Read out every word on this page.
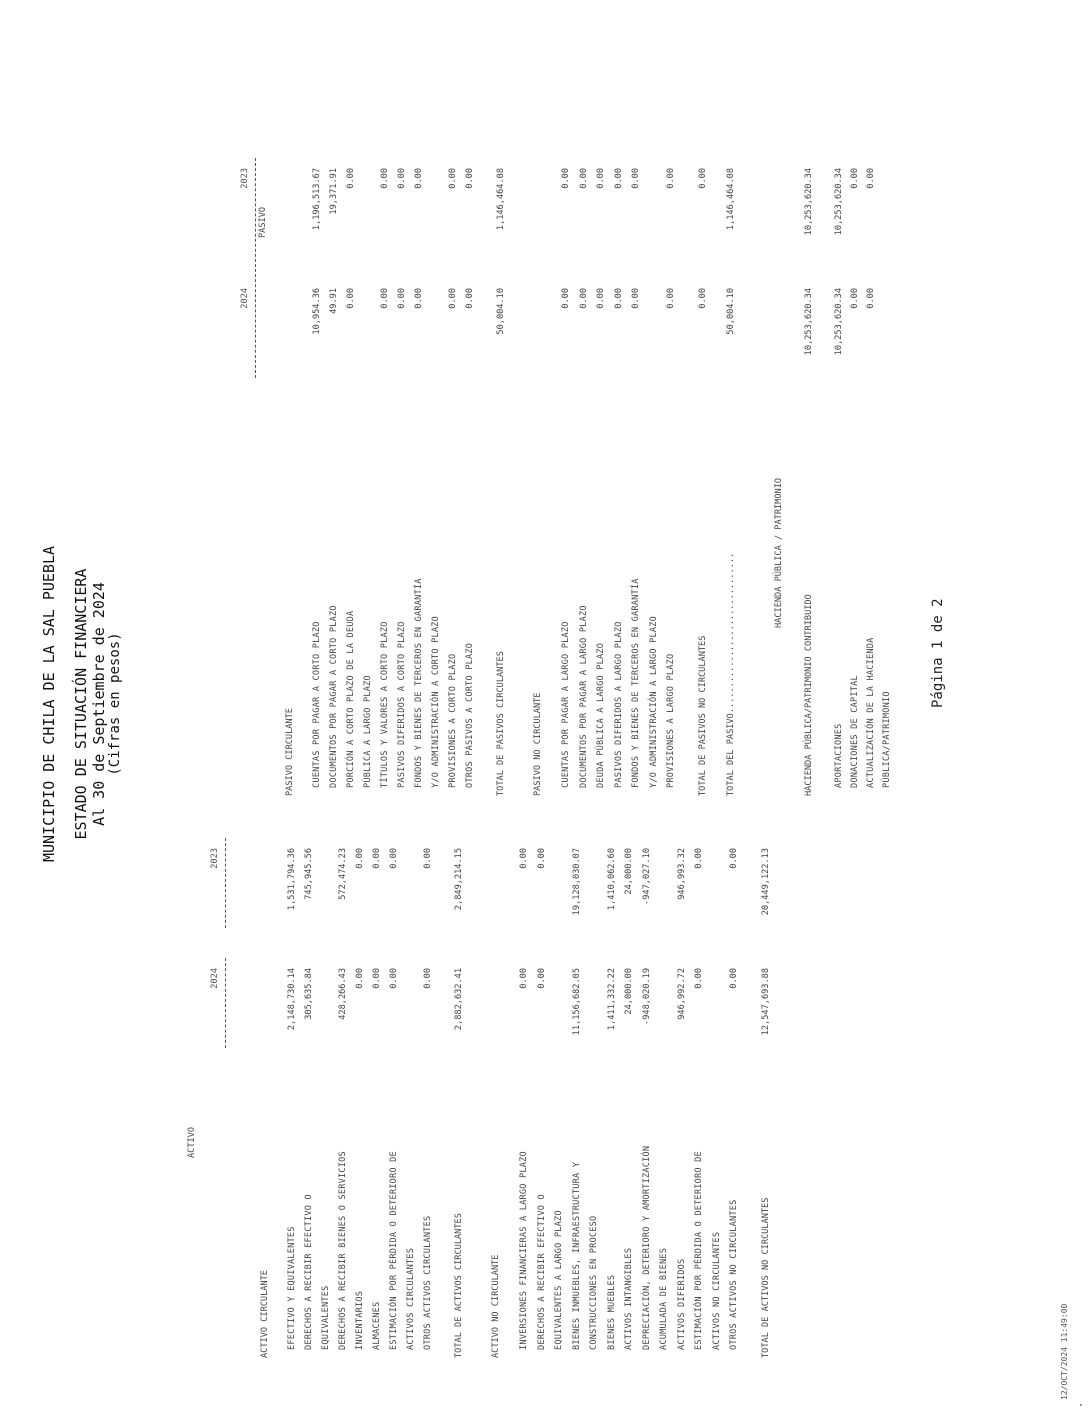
MUNICIPIO DE CHILA DE LA SAL PUEBLA ESTADO DE SITUACIÓN FINANCIERA Al 30 de Septiembre de 2024 (Cifras en pesos)
ACTIVO
2024
2023
ACTIVO CIRCULANTE EFECTIVO Y EQUIVALENTES
2,148,730.14
1,531,794.36
DERECHOS A RECIBIR EFECTIVO O
305,635.84
745,945.56
EQUIVALENTES DERECHOS A RECIBIR BIENES O SERVICIOS
428,266.43
572,474.23
INVENTARIOS
0.00
0.00
ALMACENES
0.00
0.00
ESTIMACIÓN POR PÉRDIDA O DETERIORO DE
0.00
0.00
ACTIVOS CIRCULANTES OTROS ACTIVOS CIRCULANTES
0.00
0.00
TOTAL DE ACTIVOS CIRCULANTES
2,882,632.41
2,849,214.15
ACTIVO NO CIRCULANTE INVERSIONES FINANCIERAS A LARGO PLAZO
0.00
0.00
DERECHOS A RECIBIR EFECTIVO O
0.00
0.00
EQUIVALENTES A LARGO PLAZO BIENES INMUEBLES, INFRAESTRUCTURA Y
11,156,682.05
19,128,030.07
CONSTRUCCIONES EN PROCESO BIENES MUEBLES
1,411,332.22
1,410,062.60
ACTIVOS INTANGIBLES
24,000.00
24,000.00
DEPRECIACIÓN, DETERIORO Y AMORTIZACIÓN
-948,020.19
-947,027.10
ACUMULADA DE BIENES ACTIVOS DIFERIDOS
946,992.72
946,993.32
ESTIMACIÓN POR PÉRDIDA O DETERIORO DE
0.00
0.00
ACTIVOS NO CIRCULANTES OTROS ACTIVOS NO CIRCULANTES
0.00
0.00
TOTAL DE ACTIVOS NO CIRCULANTES
12,547,693.88
20,449,122.13
PASIVO
2024
2023
PASIVO CIRCULANTE CUENTAS POR PAGAR A CORTO PLAZO
10,954.36
1,196,513.67
DOCUMENTOS POR PAGAR A CORTO PLAZO
49.91
19,371.91
PORCIÓN A CORTO PLAZO DE LA DEUDA
0.00
0.00
PÚBLICA A LARGO PLAZO TÍTULOS Y VALORES A CORTO PLAZO
0.00
0.00
PASIVOS DIFERIDOS A CORTO PLAZO
0.00
0.00
FONDOS Y BIENES DE TERCEROS EN GARANTÍA
0.00
0.00
Y/O ADMINISTRACIÓN A CORTO PLAZO PROVISIONES A CORTO PLAZO
0.00
0.00
OTROS PASIVOS A CORTO PLAZO
0.00
0.00
TOTAL DE PASIVOS CIRCULANTES
50,004.10
1,146,464.08
PASIVO NO CIRCULANTE CUENTAS POR PAGAR A LARGO PLAZO
0.00
0.00
DOCUMENTOS POR PAGAR A LARGO PLAZO
0.00
0.00
DEUDA PÚBLICA A LARGO PLAZO
0.00
0.00
PASIVOS DIFERIDOS A LARGO PLAZO
0.00
0.00
FONDOS Y BIENES DE TERCEROS EN GARANTÍA
0.00
0.00
Y/O ADMINISTRACIÓN A LARGO PLAZO PROVISIONES A LARGO PLAZO
0.00
0.00
TOTAL DE PASIVOS NO CIRCULANTES
0.00
0.00
TOTAL DEL PASIVO...............................
50,004.10
1,146,464.08
HACIENDA PÚBLICA / PATRIMONIO
HACIENDA PÚBLICA/PATRIMONIO CONTRIBUIDO
10,253,620.34
10,253,620.34
APORTACIONES
10,253,620.34
10,253,620.34
DONACIONES DE CAPITAL
0.00
0.00
ACTUALIZACIÓN DE LA HACIENDA
0.00
0.00
PÚBLICA/PATRIMONIO
Página 1 de 2
12/OCT/2024 11:49:00
